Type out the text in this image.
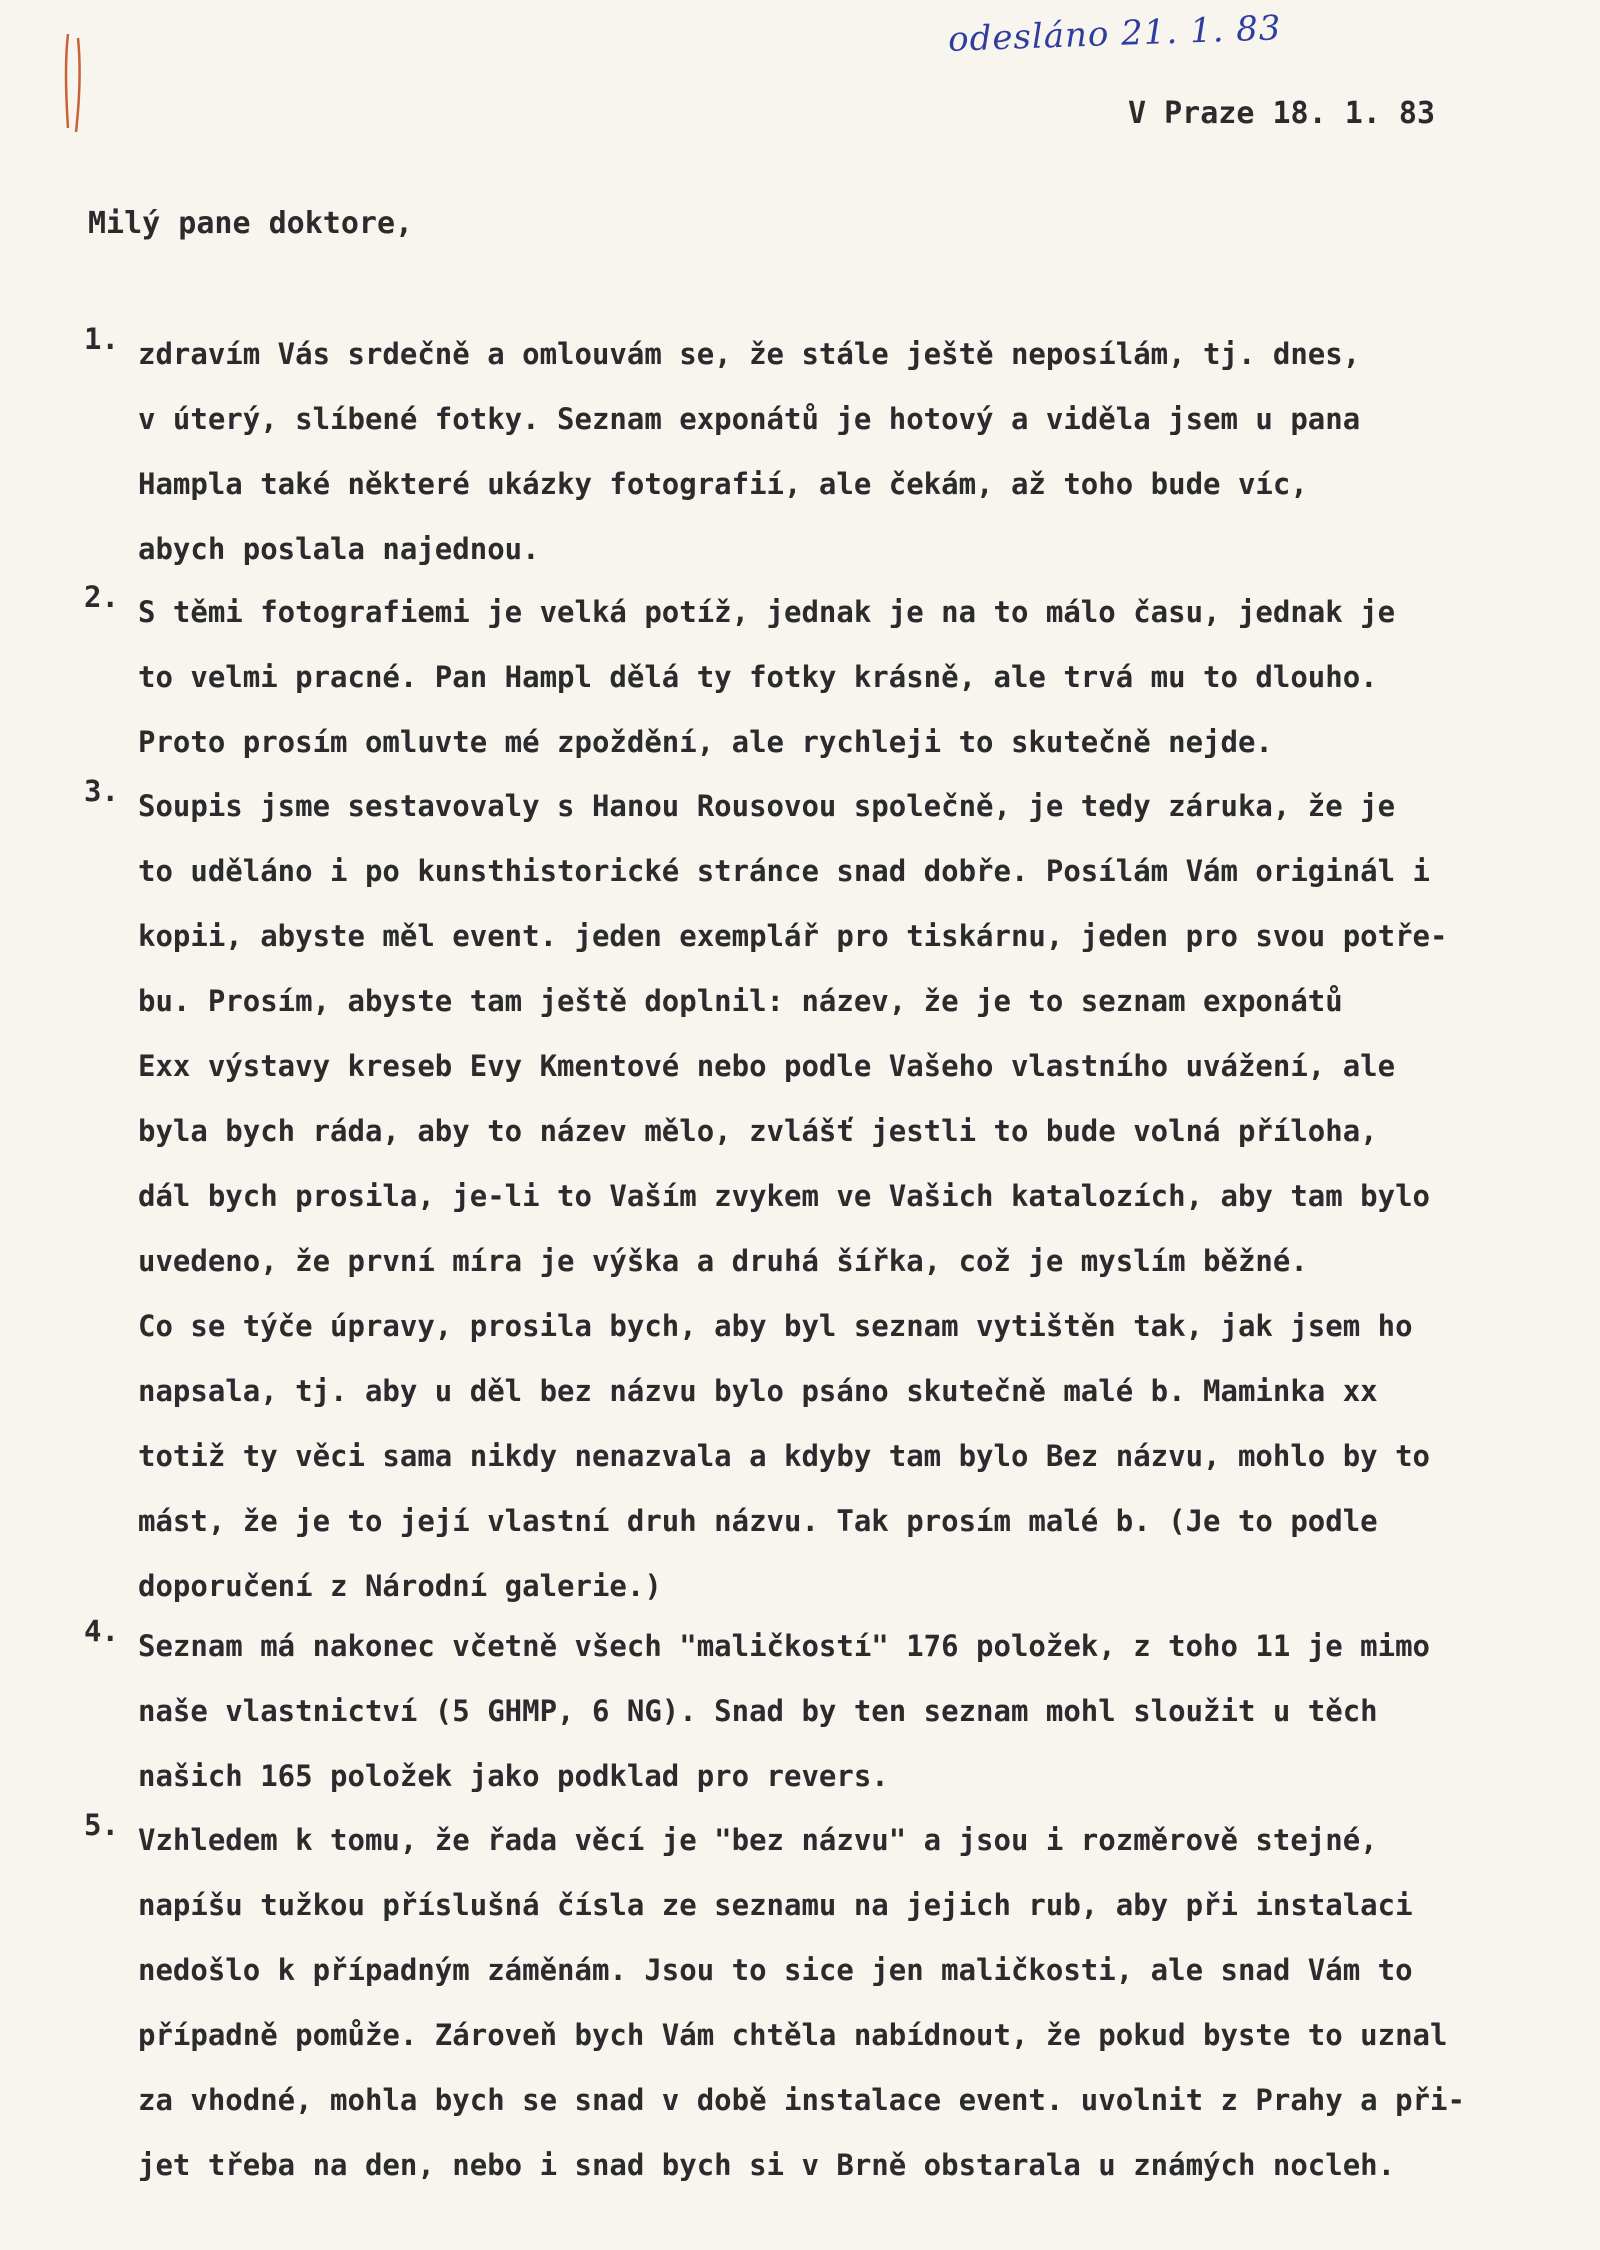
odesláno 21. 1. 83
V Praze 18. 1. 83
Milý pane doktore,
1. zdravím Vás srdečně a omlouvám se, že stále ještě neposílám, tj. dnes,
v úterý, slíbené fotky. Seznam exponátů je hotový a viděla jsem u pana
Hampla také některé ukázky fotografií, ale čekám, až toho bude víc,
abych poslala najednou.
2. S těmi fotografiemi je velká potíž, jednak je na to málo času, jednak je
to velmi pracné. Pan Hampl dělá ty fotky krásně, ale trvá mu to dlouho.
Proto prosím omluvte mé zpoždění, ale rychleji to skutečně nejde.
3. Soupis jsme sestavovaly s Hanou Rousovou společně, je tedy záruka, že je
to uděláno i po kunsthistorické stránce snad dobře. Posílám Vám originál i
kopii, abyste měl event. jeden exemplář pro tiskárnu, jeden pro svou potře-
bu. Prosím, abyste tam ještě doplnil: název, že je to seznam exponátů
Exx výstavy kreseb Evy Kmentové nebo podle Vašeho vlastního uvážení, ale
byla bych ráda, aby to název mělo, zvlášť jestli to bude volná příloha,
dál bych prosila, je-li to Vaším zvykem ve Vašich katalozích, aby tam bylo
uvedeno, že první míra je výška a druhá šířka, což je myslím běžné.
Co se týče úpravy, prosila bych, aby byl seznam vytištěn tak, jak jsem ho
napsala, tj. aby u děl bez názvu bylo psáno skutečně malé b. Maminka xx
totiž ty věci sama nikdy nenazvala a kdyby tam bylo Bez názvu, mohlo by to
mást, že je to její vlastní druh názvu. Tak prosím malé b. (Je to podle
doporučení z Národní galerie.)
4. Seznam má nakonec včetně všech "maličkostí" 176 položek, z toho 11 je mimo
naše vlastnictví (5 GHMP, 6 NG). Snad by ten seznam mohl sloužit u těch
našich 165 položek jako podklad pro revers.
5. Vzhledem k tomu, že řada věcí je "bez názvu" a jsou i rozměrově stejné,
napíšu tužkou příslušná čísla ze seznamu na jejich rub, aby při instalaci
nedošlo k případným záměnám. Jsou to sice jen maličkosti, ale snad Vám to
případně pomůže. Zároveň bych Vám chtěla nabídnout, že pokud byste to uznal
za vhodné, mohla bych se snad v době instalace event. uvolnit z Prahy a při-
jet třeba na den, nebo i snad bych si v Brně obstarala u známých nocleh.
